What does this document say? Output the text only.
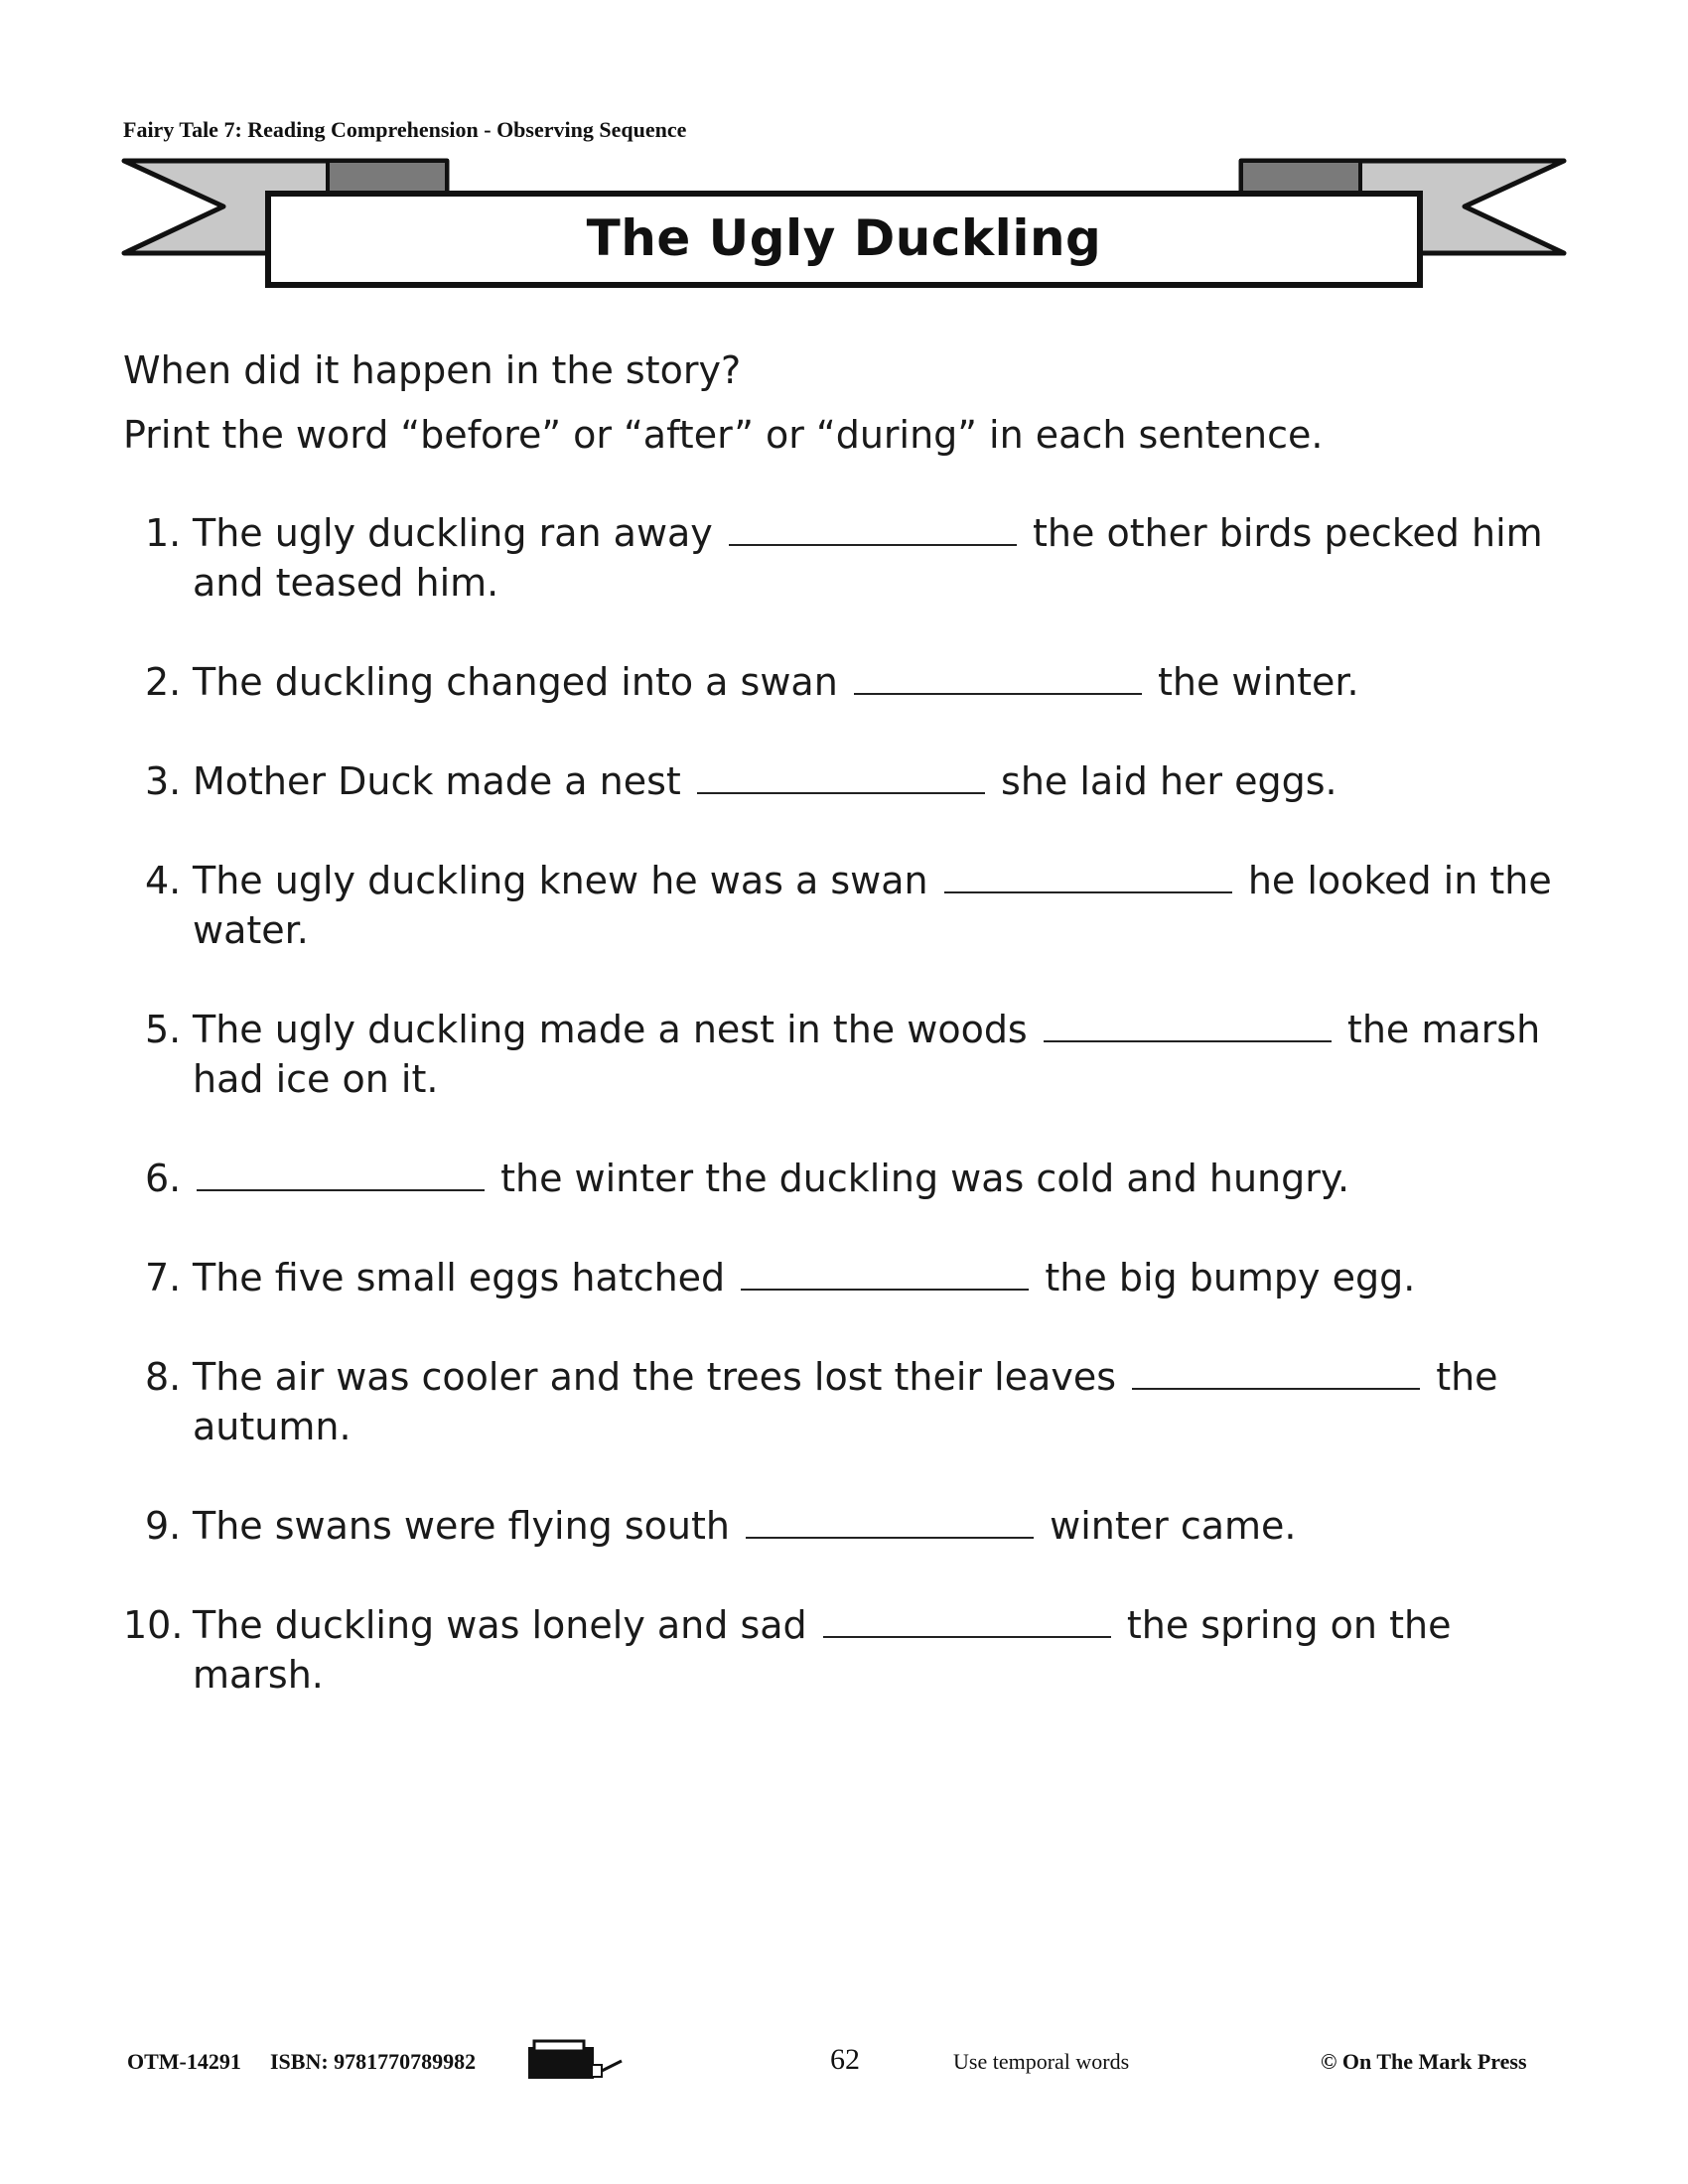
Fairy Tale 7: Reading Comprehension - Observing Sequence
The Ugly Duckling
When did it happen in the story?
Print the word “before” or “after” or “during” in each sentence.
1. The ugly duckling ran away	the other birds pecked him and teased him.
2. The duckling changed into a swan	the winter.
3. Mother Duck made a nest	she laid her eggs.
4. The ugly duckling knew he was a swan	he looked in the water.
5. The ugly duckling made a nest in the woods	the marsh had ice on it.
6.	the winter the duckling was cold and hungry.
7. The five small eggs hatched	the big bumpy egg.
8. The air was cooler and the trees lost their leaves	the autumn.
9. The swans were flying south	winter came.
10. The duckling was lonely and sad	the spring on the marsh.
OTM-14291 ISBN: 9781770789982	62	Use temporal words	© On The Mark Press
